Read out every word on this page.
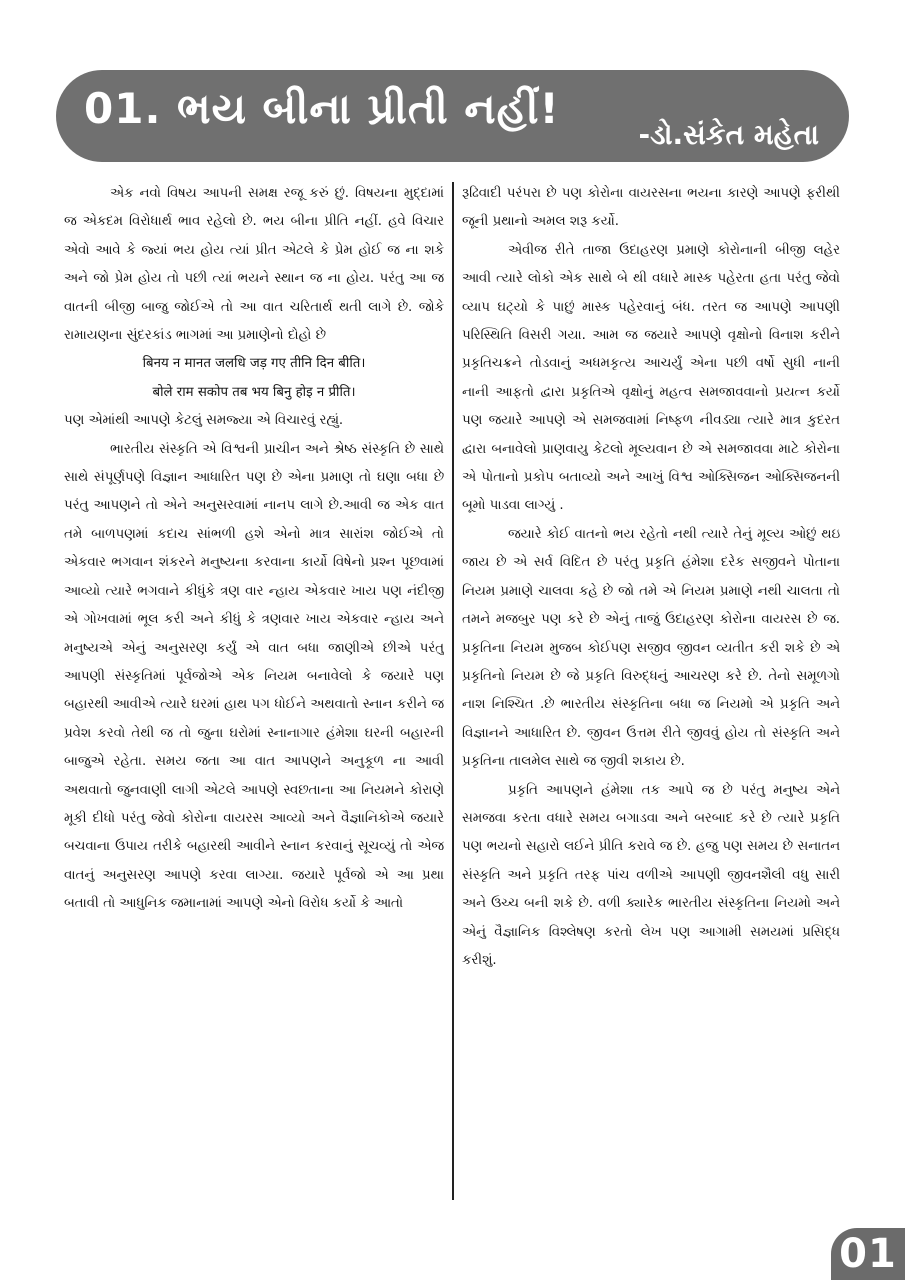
01. ભય બીના પ્રીતી નહીં!
-ડો.સંકેત મહેતા

એક નવો વિષય આપની સમક્ષ રજૂ કરું છું. વિષયના મુદ્દામાં જ એકદમ વિરોધાર્થ ભાવ રહેલો છે. ભય બીના પ્રીતિ નહીં. હવે વિચાર એવો આવે કે જ્યાં ભય હોય ત્યાં પ્રીત એટલે કે પ્રેમ હોઈ જ ના શકે અને જો પ્રેમ હોય તો પછી ત્યાં ભયને સ્થાન જ ના હોય. પરંતુ આ જ વાતની બીજી બાજુ જોઈએ તો આ વાત ચરિતાર્થ થતી લાગે છે. જોકે રામાયણના સુંદરકાંડ ભાગમાં આ પ્રમાણેનો દોહો છે

बिनय न मानत जलधि जड़ गए तीनि दिन बीति।

बोले राम सकोप तब भय बिनु होइ न प्रीति।

પણ એમાંથી આપણે કેટલું સમજ્યા એ વિચારવું રહ્યું.

ભારતીય સંસ્કૃતિ એ વિશ્વની પ્રાચીન અને શ્રેષ્ઠ સંસ્કૃતિ છે સાથે સાથે સંપૂર્ણપણે વિજ્ઞાન આધારિત પણ છે એના પ્રમાણ તો ઘણા બધા છે પરંતુ આપણને તો એને અનુસરવામાં નાનપ લાગે છે.આવી જ એક વાત તમે બાળપણમાં કદાચ સાંભળી હશે એનો માત્ર સારાંશ જોઈએ તો એકવાર ભગવાન શંકરને મનુષ્યના કરવાના કાર્યો વિષેનો પ્રશ્ન પૂછવામાં આવ્યો ત્યારે ભગવાને કીધુંકે ત્રણ વાર ન્હાય એકવાર ખાય પણ નંદીજી એ ગોખવામાં ભૂલ કરી અને કીધું કે ત્રણવાર ખાય એકવાર ન્હાય અને મનુષ્યએ એનું અનુસરણ કર્યું એ વાત બધા જાણીએ છીએ પરંતુ આપણી સંસ્કૃતિમાં પૂર્વજોએ એક નિયમ બનાવેલો કે જયારે પણ બહારથી આવીએ ત્યારે ઘરમાં હાથ પગ ધોઈને અથવાતો સ્નાન કરીને જ પ્રવેશ કરવો તેથી જ તો જુના ઘરોમાં સ્નાનાગાર હંમેશા ઘરની બહારની બાજુએ રહેતા. સમય જતા આ વાત આપણને અનુકૂળ ના આવી અથવાતો જુનવાણી લાગી એટલે આપણે સ્વછતાના આ નિયમને કોરાણે મૂકી દીધો પરંતુ જેવો કોરોના વાયરસ આવ્યો અને વૈજ્ઞાનિકોએ જયારે બચવાના ઉપાય તરીકે બહારથી આવીને સ્નાન કરવાનું સૂચવ્યું તો એજ વાતનું અનુસરણ આપણે કરવા લાગ્યા. જયારે પૂર્વજો એ આ પ્રથા બતાવી તો આધુનિક જમાનામાં આપણે એનો વિરોધ કર્યો કે આતો

રૂઢિવાદી પરંપરા છે પણ કોરોના વાયરસના ભયના કારણે આપણે ફરીથી જૂની પ્રથાનો અમલ શરૂ કર્યો.

એવીજ રીતે તાજા ઉદાહરણ પ્રમાણે કોરોનાની બીજી લહેર આવી ત્યારે લોકો એક સાથે બે થી વધારે માસ્ક પહેરતા હતા પરંતુ જેવો વ્યાપ ઘટ્યો કે પાછું માસ્ક પહેરવાનું બંધ. તરત જ આપણે આપણી પરિસ્થિતિ વિસરી ગયા. આમ જ જયારે આપણે વૃક્ષોનો વિનાશ કરીને પ્રકૃતિચક્રને તોડવાનું અધમકૃત્ય આચર્યું એના પછી વર્ષો સુધી નાની નાની આફતો દ્વારા પ્રકૃતિએ વૃક્ષોનું મહત્વ સમજાવવાનો પ્રયત્ન કર્યો પણ જયારે આપણે એ સમજવામાં નિષ્ફળ નીવડ્યા ત્યારે માત્ર કુદરત દ્વારા બનાવેલો પ્રાણવાયુ કેટલો મૂલ્યવાન છે એ સમજાવવા માટે કોરોના એ પોતાનો પ્રકોપ બતાવ્યો અને આખું વિશ્વ ઓક્સિજન ઓક્સિજનની બૂમો પાડવા લાગ્યું .

જયારે કોઈ વાતનો ભય રહેતો નથી ત્યારે તેનું મૂલ્ય ઓછું થઇ જાય છે એ સર્વ વિદિત છે પરંતુ પ્રકૃતિ હંમેશા દરેક સજીવને પોતાના નિયમ પ્રમાણે ચાલવા કહે છે જો તમે એ નિયમ પ્રમાણે નથી ચાલતા તો તમને મજબુર પણ કરે છે એનું તાજું ઉદાહરણ કોરોના વાયરસ છે જ. પ્રકૃતિના નિયમ મુજબ કોઈપણ સજીવ જીવન વ્યતીત કરી શકે છે એ પ્રકૃતિનો નિયમ છે જે પ્રકૃતિ વિરુદ્ધનું આચરણ કરે છે. તેનો સમૂળગો નાશ નિશ્ચિત .છે ભારતીય સંસ્કૃતિના બધા જ નિયમો એ પ્રકૃતિ અને વિજ્ઞાનને આધારિત છે. જીવન ઉત્તમ રીતે જીવવું હોય તો સંસ્કૃતિ અને પ્રકૃતિના તાલમેલ સાથે જ જીવી શકાય છે.

પ્રકૃતિ આપણને હંમેશા તક આપે જ છે પરંતુ મનુષ્ય એને સમજવા કરતા વધારે સમય બગાડવા અને બરબાદ કરે છે ત્યારે પ્રકૃતિ પણ ભયનો સહારો લઈને પ્રીતિ કરાવે જ છે. હજુ પણ સમય છે સનાતન સંસ્કૃતિ અને પ્રકૃતિ તરફ પાંચ વળીએ આપણી જીવનશૈલી વધુ સારી અને ઉચ્ચ બની શકે છે. વળી ક્યારેક ભારતીય સંસ્કૃતિના નિયમો અને એનું વૈજ્ઞાનિક વિશ્લેષણ કરતો લેખ પણ આગામી સમયમાં પ્રસિદ્ધ કરીશું.

01
